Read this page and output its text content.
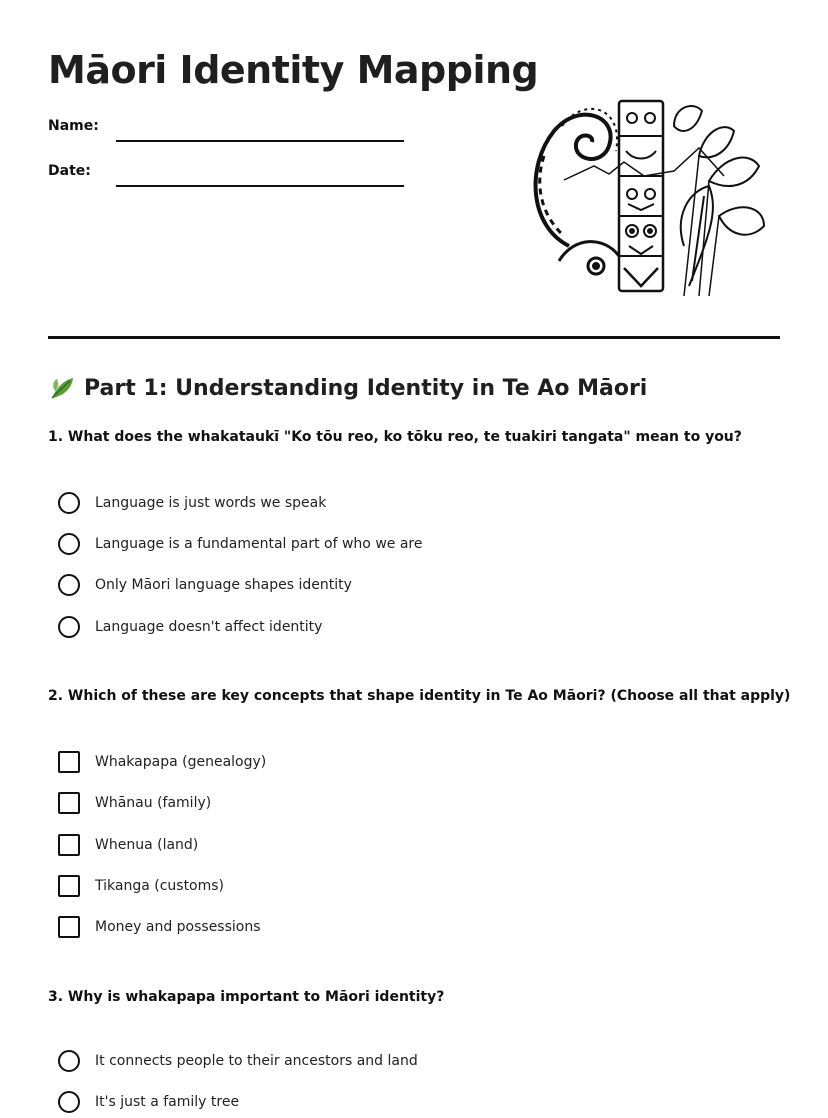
Māori Identity Mapping
Name:
Date:
Part 1: Understanding Identity in Te Ao Māori
1. What does the whakataukī "Ko tōu reo, ko tōku reo, te tuakiri tangata" mean to you?
Language is just words we speak
Language is a fundamental part of who we are
Only Māori language shapes identity
Language doesn't affect identity
2. Which of these are key concepts that shape identity in Te Ao Māori? (Choose all that apply)
Whakapapa (genealogy)
Whānau (family)
Whenua (land)
Tikanga (customs)
Money and possessions
3. Why is whakapapa important to Māori identity?
It connects people to their ancestors and land
It's just a family tree
